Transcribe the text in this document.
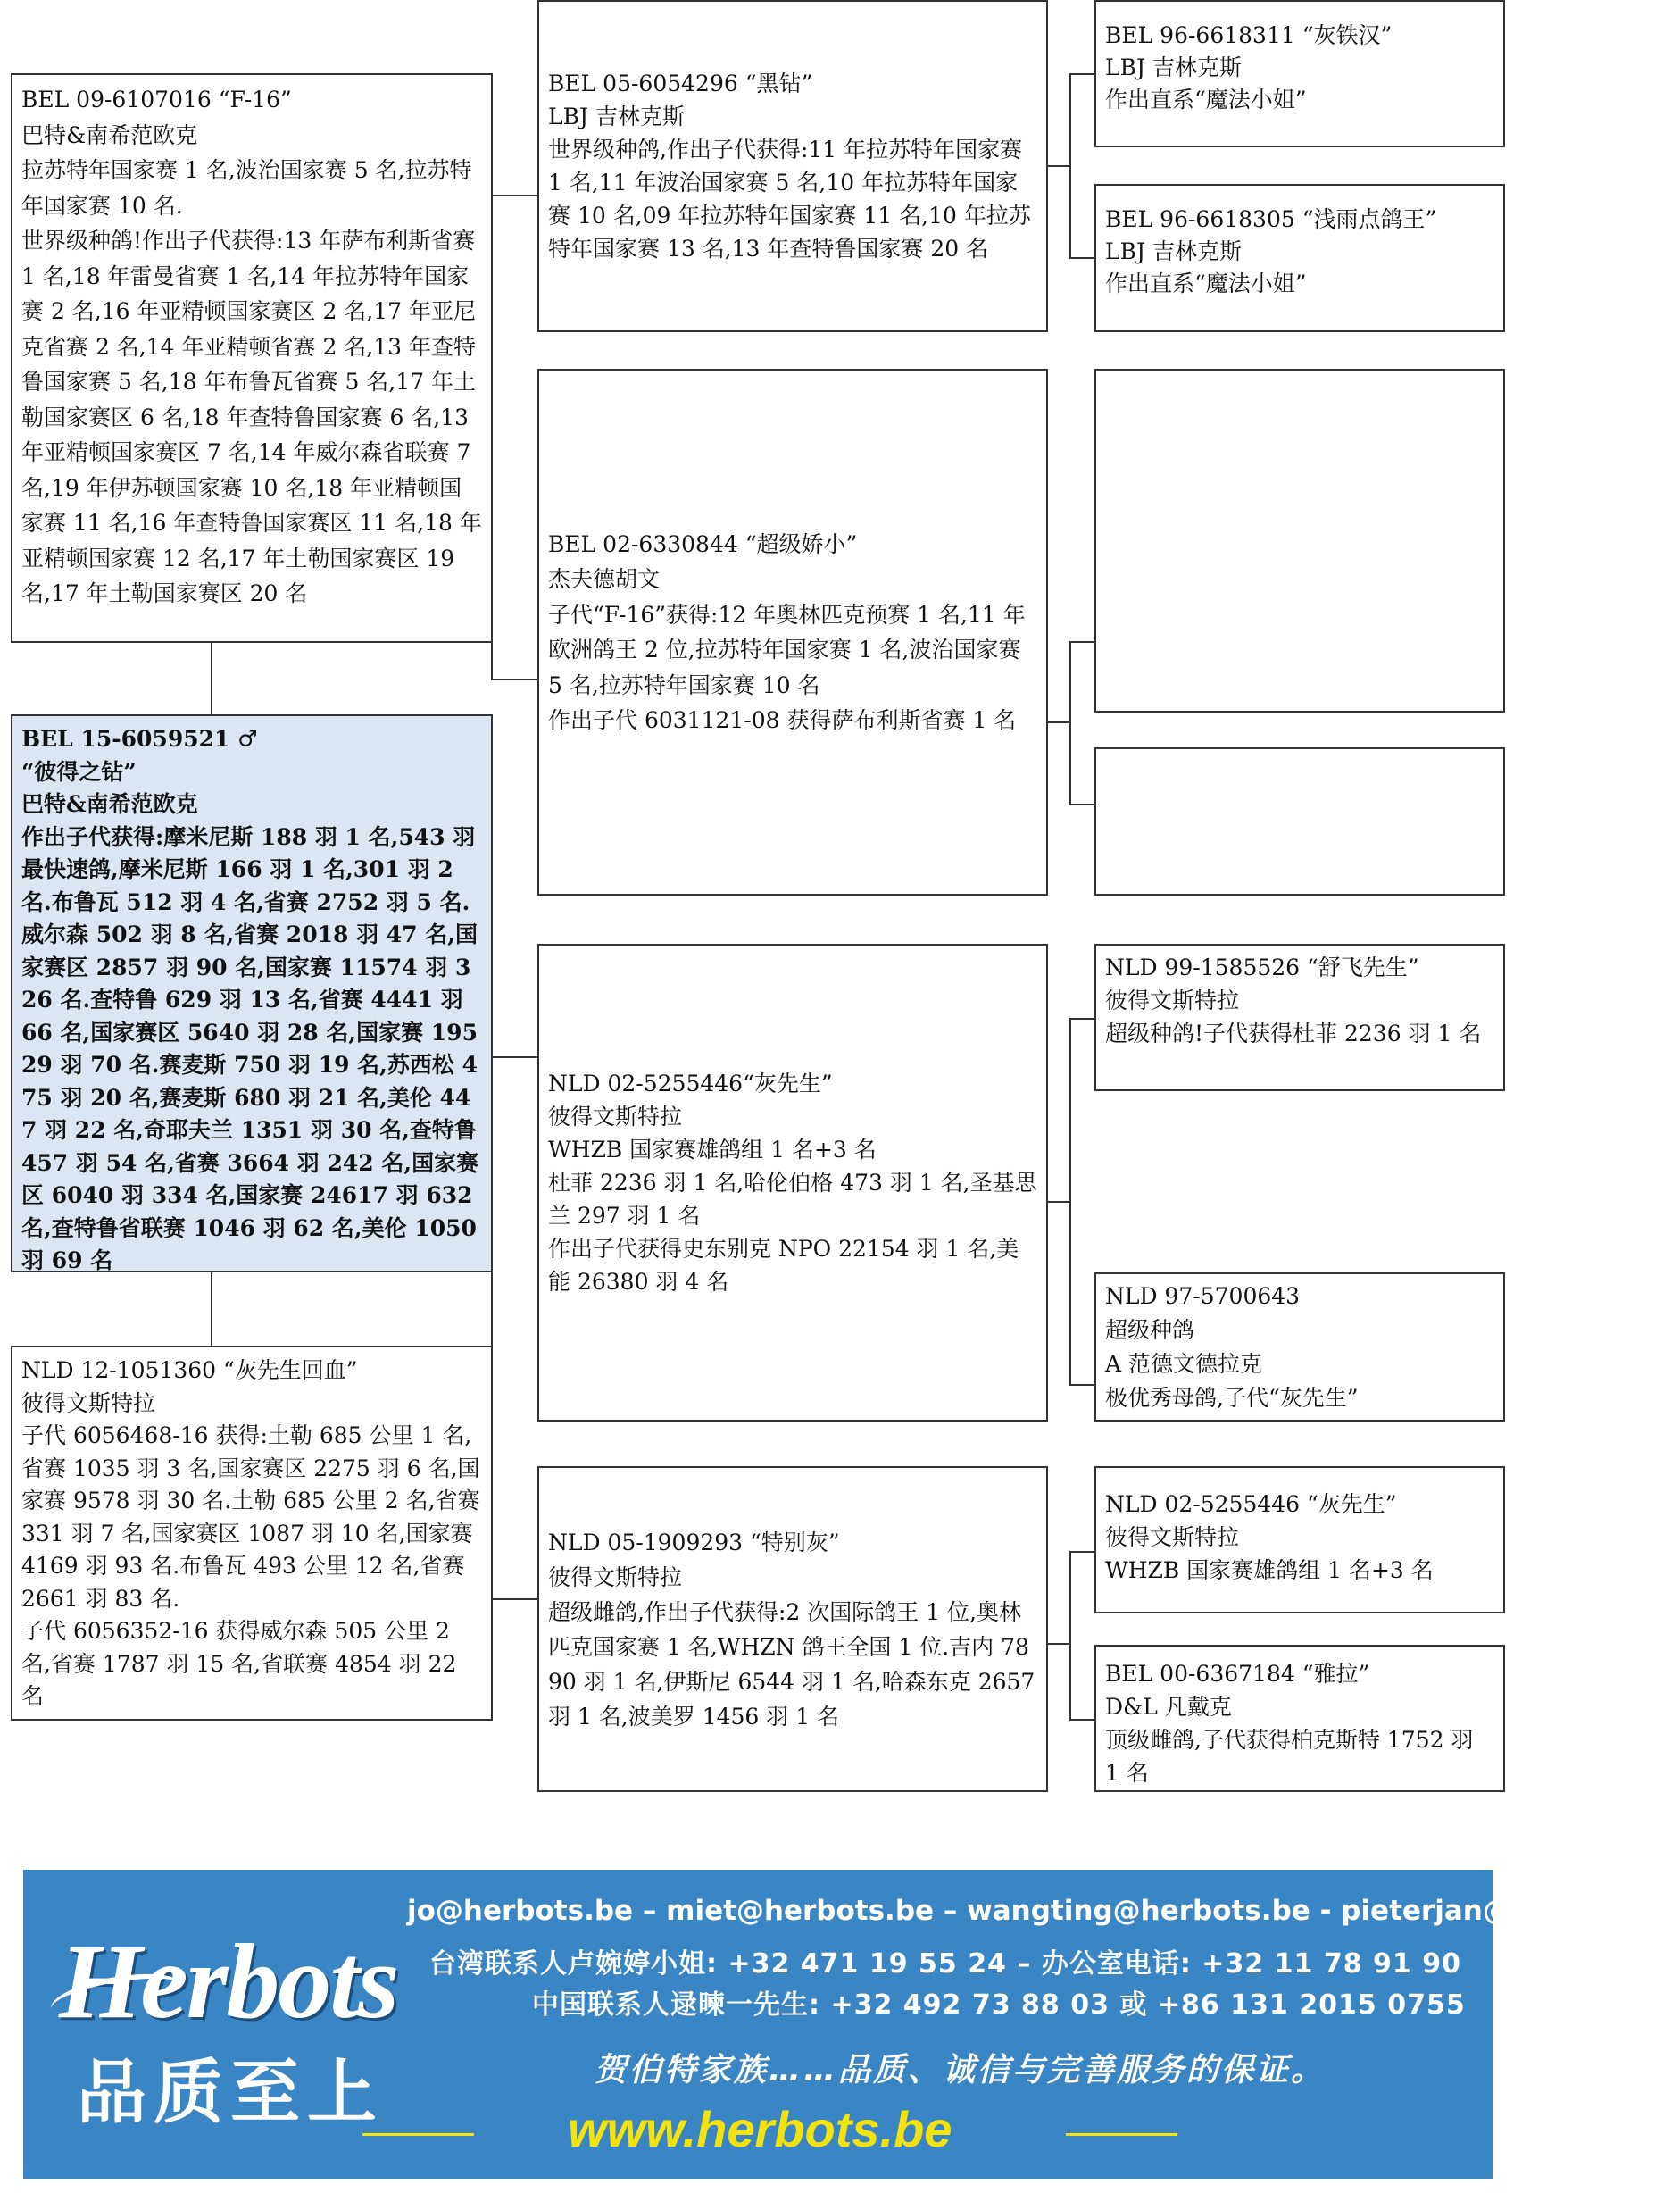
BEL 09-6107016 “F-16”
巴特&南希范欧克
拉苏特年国家赛 1 名,波治国家赛 5 名,拉苏特年国家赛 10 名.
世界级种鸽!作出子代获得:13 年萨布利斯省赛 1 名,18 年雷曼省赛 1 名,14 年拉苏特年国家赛 2 名,16 年亚精顿国家赛区 2 名,17 年亚尼克省赛 2 名,14 年亚精顿省赛 2 名,13 年查特鲁国家赛 5 名,18 年布鲁瓦省赛 5 名,17 年土勒国家赛区 6 名,18 年查特鲁国家赛 6 名,13 年亚精顿国家赛区 7 名,14 年威尔森省联赛 7 名,19 年伊苏顿国家赛 10 名,18 年亚精顿国家赛 11 名,16 年查特鲁国家赛区 11 名,18 年亚精顿国家赛 12 名,17 年土勒国家赛区 19 名,17 年土勒国家赛区 20 名
BEL 15-6059521 ♂
“彼得之钻”
巴特&南希范欧克
作出子代获得:摩米尼斯 188 羽 1 名,543 羽最快速鸽,摩米尼斯 166 羽 1 名,301 羽 2 名.布鲁瓦 512 羽 4 名,省赛 2752 羽 5 名.威尔森 502 羽 8 名,省赛 2018 羽 47 名,国家赛区 2857 羽 90 名,国家赛 11574 羽 326 名.查特鲁 629 羽 13 名,省赛 4441 羽 66 名,国家赛区 5640 羽 28 名,国家赛 19529 羽 70 名.赛麦斯 750 羽 19 名,苏西松 475 羽 20 名,赛麦斯 680 羽 21 名,美伦 447 羽 22 名,奇耶夫兰 1351 羽 30 名,查特鲁 457 羽 54 名,省赛 3664 羽 242 名,国家赛区 6040 羽 334 名,国家赛 24617 羽 632 名,查特鲁省联赛 1046 羽 62 名,美伦 1050 羽 69 名
NLD 12-1051360 “灰先生回血”
彼得文斯特拉
子代 6056468-16 获得:土勒 685 公里 1 名,省赛 1035 羽 3 名,国家赛区 2275 羽 6 名,国家赛 9578 羽 30 名.土勒 685 公里 2 名,省赛 331 羽 7 名,国家赛区 1087 羽 10 名,国家赛 4169 羽 93 名.布鲁瓦 493 公里 12 名,省赛 2661 羽 83 名.
子代 6056352-16 获得威尔森 505 公里 2 名,省赛 1787 羽 15 名,省联赛 4854 羽 22 名
BEL 05-6054296 “黑钻”
LBJ 吉林克斯
世界级种鸽,作出子代获得:11 年拉苏特年国家赛 1 名,11 年波治国家赛 5 名,10 年拉苏特年国家赛 10 名,09 年拉苏特年国家赛 11 名,10 年拉苏特年国家赛 13 名,13 年查特鲁国家赛 20 名
BEL 02-6330844 “超级娇小”
杰夫德胡文
子代“F-16”获得:12 年奥林匹克预赛 1 名,11 年欧洲鸽王 2 位,拉苏特年国家赛 1 名,波治国家赛 5 名,拉苏特年国家赛 10 名
作出子代 6031121-08 获得萨布利斯省赛 1 名
NLD 02-5255446“灰先生”
彼得文斯特拉
WHZB 国家赛雄鸽组 1 名+3 名
杜菲 2236 羽 1 名,哈伦伯格 473 羽 1 名,圣基思兰 297 羽 1 名
作出子代获得史东别克 NPO 22154 羽 1 名,美能 26380 羽 4 名
NLD 05-1909293 “特别灰”
彼得文斯特拉
超级雌鸽,作出子代获得:2 次国际鸽王 1 位,奥林匹克国家赛 1 名,WHZN 鸽王全国 1 位.吉内 7890 羽 1 名,伊斯尼 6544 羽 1 名,哈森东克 2657 羽 1 名,波美罗 1456 羽 1 名
BEL 96-6618311 “灰铁汉”
LBJ 吉林克斯
作出直系“魔法小姐”
BEL 96-6618305 “浅雨点鸽王”
LBJ 吉林克斯
作出直系“魔法小姐”
NLD 99-1585526 “舒飞先生”
彼得文斯特拉
超级种鸽!子代获得杜菲 2236 羽 1 名
NLD 97-5700643
超级种鸽
A 范德文德拉克
极优秀母鸽,子代“灰先生”
NLD 02-5255446 “灰先生”
彼得文斯特拉
WHZB 国家赛雄鸽组 1 名+3 名
BEL 00-6367184 “雅拉”
D&L 凡戴克
顶级雌鸽,子代获得柏克斯特 1752 羽 1 名
Herbots
品质至上
jo@herbots.be – miet@herbots.be – wangting@herbots.be - pieterjan@herbots.be
台湾联系人卢婉婷小姐: +32 471 19 55 24 – 办公室电话: +32 11 78 91 90
中国联系人逯暕一先生: +32 492 73 88 03 或 +86 131 2015 0755
贺伯特家族……品质、诚信与完善服务的保证。
www.herbots.be
